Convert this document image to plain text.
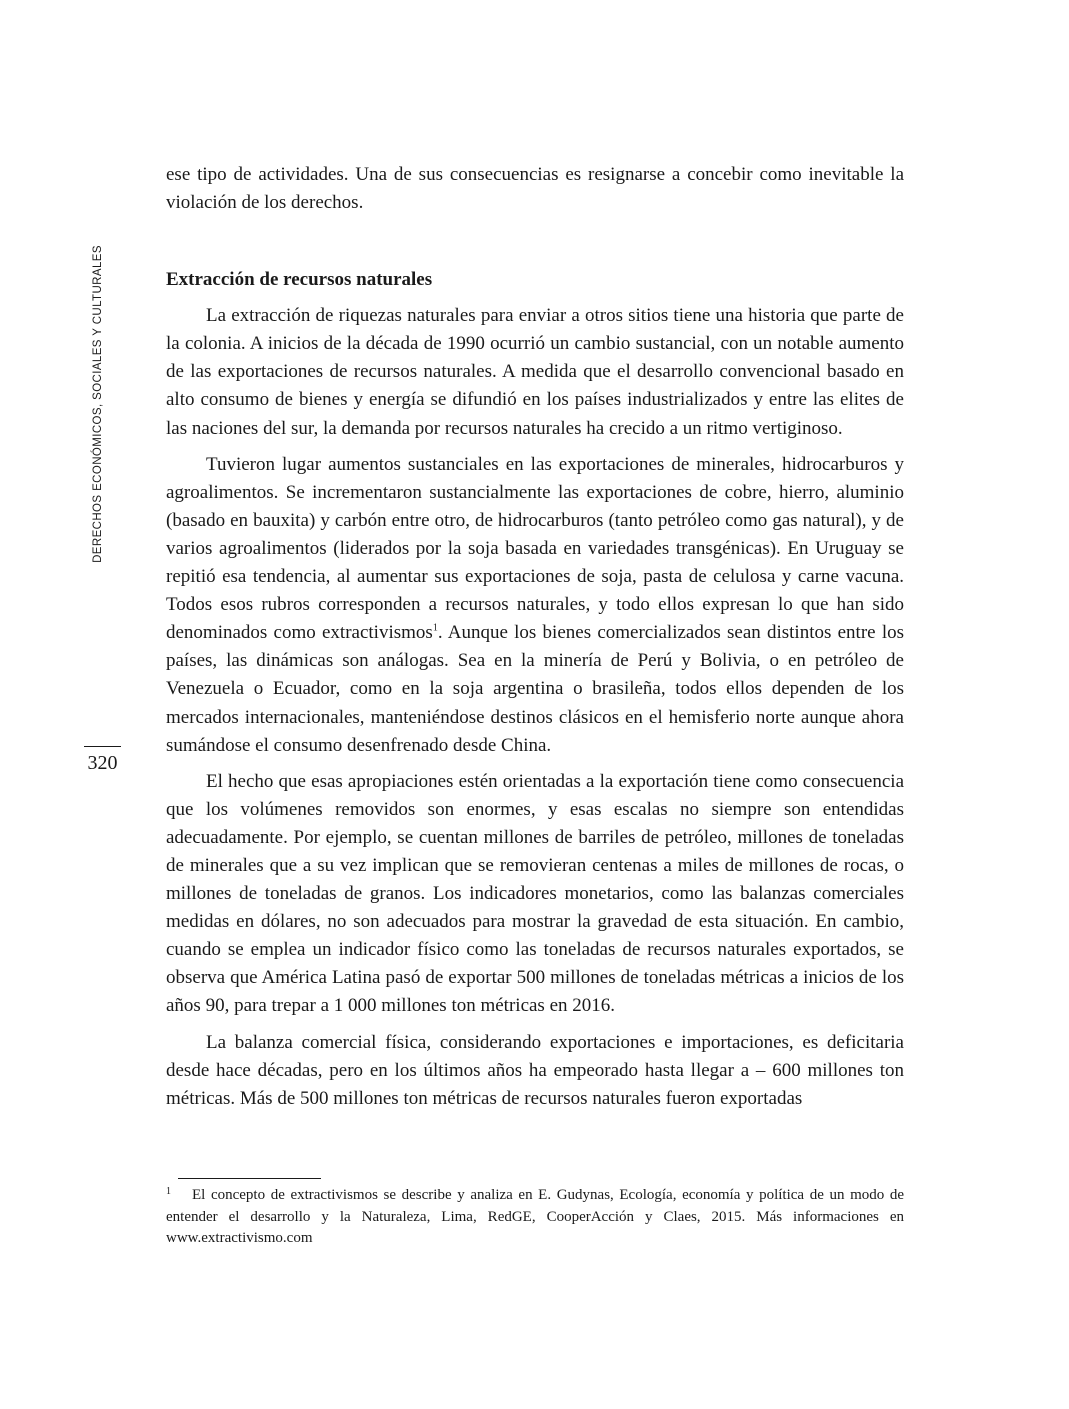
DERECHOS ECONÓMICOS, SOCIALES Y CULTURALES
320

ese tipo de actividades. Una de sus consecuencias es resignarse a concebir como inevitable la violación de los derechos.

Extracción de recursos naturales

La extracción de riquezas naturales para enviar a otros sitios tiene una historia que parte de la colonia. A inicios de la década de 1990 ocurrió un cambio sustancial, con un notable aumento de las exportaciones de recursos naturales. A medida que el desarrollo convencional basado en alto consumo de bienes y energía se difundió en los países industrializados y entre las elites de las naciones del sur, la demanda por recursos naturales ha crecido a un ritmo vertiginoso.

Tuvieron lugar aumentos sustanciales en las exportaciones de minerales, hidrocarburos y agroalimentos. Se incrementaron sustancialmente las exportaciones de cobre, hierro, aluminio (basado en bauxita) y carbón entre otro, de hidrocarburos (tanto petróleo como gas natural), y de varios agroalimentos (liderados por la soja basada en variedades transgénicas). En Uruguay se repitió esa tendencia, al aumentar sus exportaciones de soja, pasta de celulosa y carne vacuna. Todos esos rubros corresponden a recursos naturales, y todo ellos expresan lo que han sido denominados como extractivismos$^1$. Aunque los bienes comercializados sean distintos entre los países, las dinámicas son análogas. Sea en la minería de Perú y Bolivia, o en petróleo de Venezuela o Ecuador, como en la soja argentina o brasileña, todos ellos dependen de los mercados internacionales, manteniéndose destinos clásicos en el hemisferio norte aunque ahora sumándose el consumo desenfrenado desde China.

El hecho que esas apropiaciones estén orientadas a la exportación tiene como consecuencia que los volúmenes removidos son enormes, y esas escalas no siempre son entendidas adecuadamente. Por ejemplo, se cuentan millones de barriles de petróleo, millones de toneladas de minerales que a su vez implican que se removieran centenas a miles de millones de rocas, o millones de toneladas de granos. Los indicadores monetarios, como las balanzas comerciales medidas en dólares, no son adecuados para mostrar la gravedad de esta situación. En cambio, cuando se emplea un indicador físico como las toneladas de recursos naturales exportados, se observa que América Latina pasó de exportar 500 millones de toneladas métricas a inicios de los años 90, para trepar a 1 000 millones ton métricas en 2016.

La balanza comercial física, considerando exportaciones e importaciones, es deficitaria desde hace décadas, pero en los últimos años ha empeorado hasta llegar a – 600 millones ton métricas. Más de 500 millones ton métricas de recursos naturales fueron exportadas

1 El concepto de extractivismos se describe y analiza en E. Gudynas, Ecología, economía y política de un modo de entender el desarrollo y la Naturaleza, Lima, RedGE, CooperAcción y Claes, 2015. Más informaciones en www.extractivismo.com
